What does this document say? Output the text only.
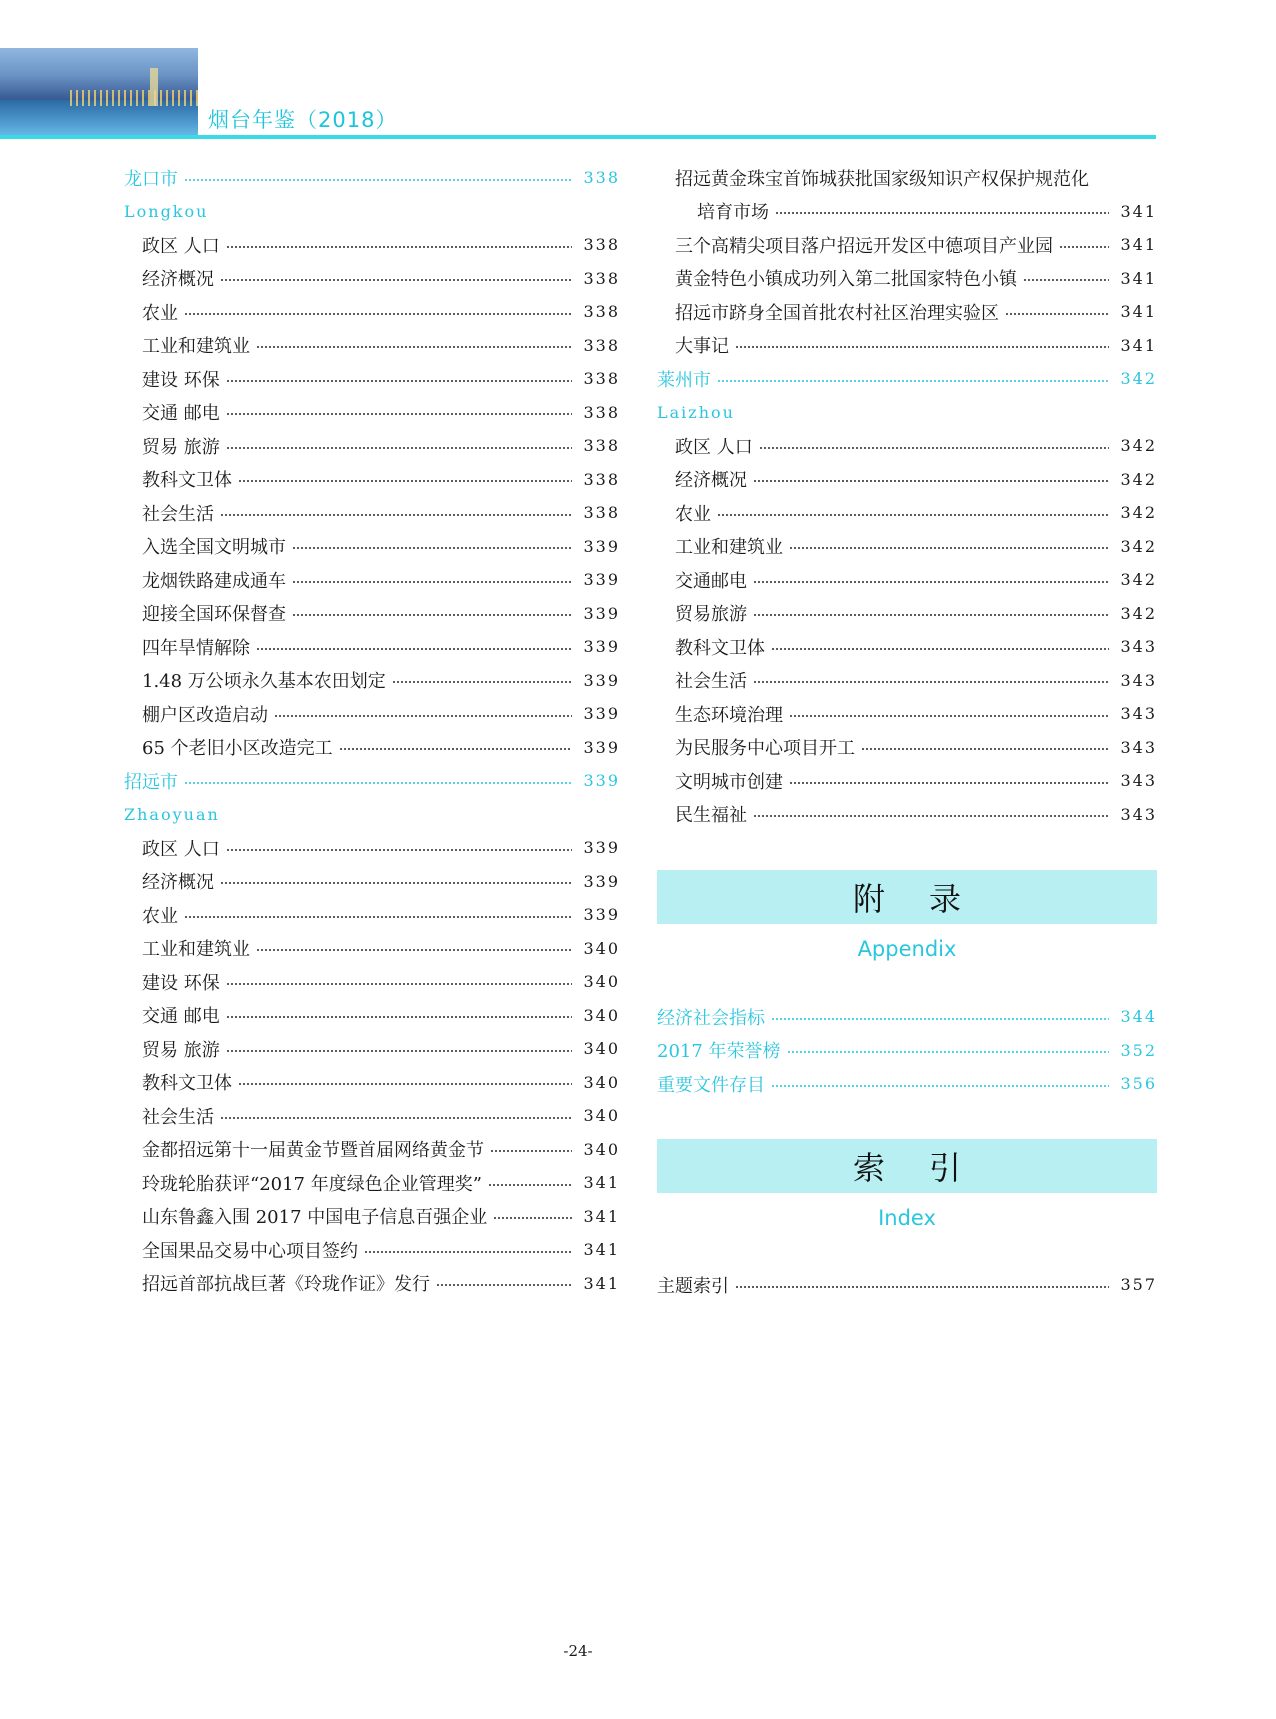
烟台年鉴（2018）
龙口市	338
Longkou
政区 人口	338
经济概况	338
农业	338
工业和建筑业	338
建设 环保	338
交通 邮电	338
贸易 旅游	338
教科文卫体	338
社会生活	338
入选全国文明城市	339
龙烟铁路建成通车	339
迎接全国环保督查	339
四年旱情解除	339
1.48 万公顷永久基本农田划定	339
棚户区改造启动	339
65 个老旧小区改造完工	339
招远市	339
Zhaoyuan
政区 人口	339
经济概况	339
农业	339
工业和建筑业	340
建设 环保	340
交通 邮电	340
贸易 旅游	340
教科文卫体	340
社会生活	340
金都招远第十一届黄金节暨首届网络黄金节	340
玲珑轮胎获评“2017 年度绿色企业管理奖”	341
山东鲁鑫入围 2017 中国电子信息百强企业	341
全国果品交易中心项目签约	341
招远首部抗战巨著《玲珑作证》发行	341
招远黄金珠宝首饰城获批国家级知识产权保护规范化
培育市场	341
三个高精尖项目落户招远开发区中德项目产业园	341
黄金特色小镇成功列入第二批国家特色小镇	341
招远市跻身全国首批农村社区治理实验区	341
大事记	341
莱州市	342
Laizhou
政区 人口	342
经济概况	342
农业	342
工业和建筑业	342
交通邮电	342
贸易旅游	342
教科文卫体	343
社会生活	343
生态环境治理	343
为民服务中心项目开工	343
文明城市创建	343
民生福祉	343
附录
Appendix
经济社会指标	344
2017 年荣誉榜	352
重要文件存目	356
索引
Index
主题索引	357
-24-
